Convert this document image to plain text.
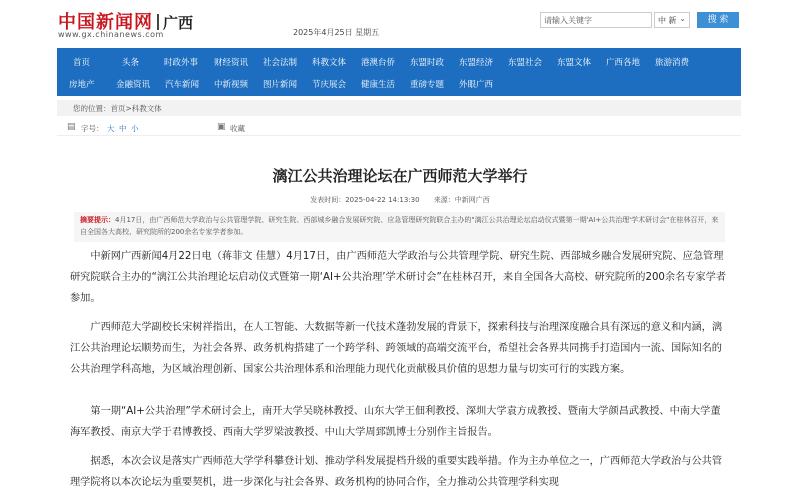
中国新闻网 广西
www.gx.chinanews.com	2025年4月25日 星期五
请输入关键字	中 新 ⌄	搜 索
首页	头条	时政外事 财经资讯 社会法制 科教文体 港澳台侨 东盟时政 东盟经济 东盟社会 东盟文体 广西各地 旅游消费
房地产	金融资讯 汽车新闻 中新视频 图片新闻 节庆展会 健康生活 重磅专题 外眼广西
您的位置：首页>科教文体
▤ 字号： 大 中 小	▣ 收藏
漓江公共治理论坛在广西师范大学举行
发表时间：2025-04-22 14:13:30 来源：中新网广西
摘要提示：4月17日，由广西师范大学政治与公共管理学院、研究生院、西部城乡融合发展研究院、应急管理研究院联合主办的"漓江公共治理论坛启动仪式暨第一期'AI+公共治理'学术研讨会"在桂林召开，来自全国各大高校、研究院所的200余名专家学者参加。

中新网广西新闻4月22日电（蒋菲文 佳慧）4月17日，由广西师范大学政治与公共管理学院、研究生院、西部城乡融合发展研究院、应急管理研究院联合主办的“漓江公共治理论坛启动仪式暨第一期‘AI+公共治理’学术研讨会”在桂林召开，来自全国各大高校、研究院所的200余名专家学者参加。

广西师范大学副校长宋树祥指出，在人工智能、大数据等新一代技术蓬勃发展的背景下，探索科技与治理深度融合具有深远的意义和内涵，漓江公共治理论坛顺势而生，为社会各界、政务机构搭建了一个跨学科、跨领域的高端交流平台，希望社会各界共同携手打造国内一流、国际知名的公共治理学科高地，为区域治理创新、国家公共治理体系和治理能力现代化贡献极具价值的思想力量与切实可行的实践方案。

第一期“AI+公共治理”学术研讨会上，南开大学吴晓林教授、山东大学王佃利教授、深圳大学袁方成教授、暨南大学颜昌武教授、中南大学董海军教授、南京大学于君博教授、西南大学罗梁波教授、中山大学周郅凯博士分别作主旨报告。

据悉，本次会议是落实广西师范大学学科攀登计划、推动学科发展提档升级的重要实践举措。作为主办单位之一，广西师范大学政治与公共管理学院将以本次论坛为重要契机，进一步深化与社会各界、政务机构的协同合作，全力推动公共管理学科实现
